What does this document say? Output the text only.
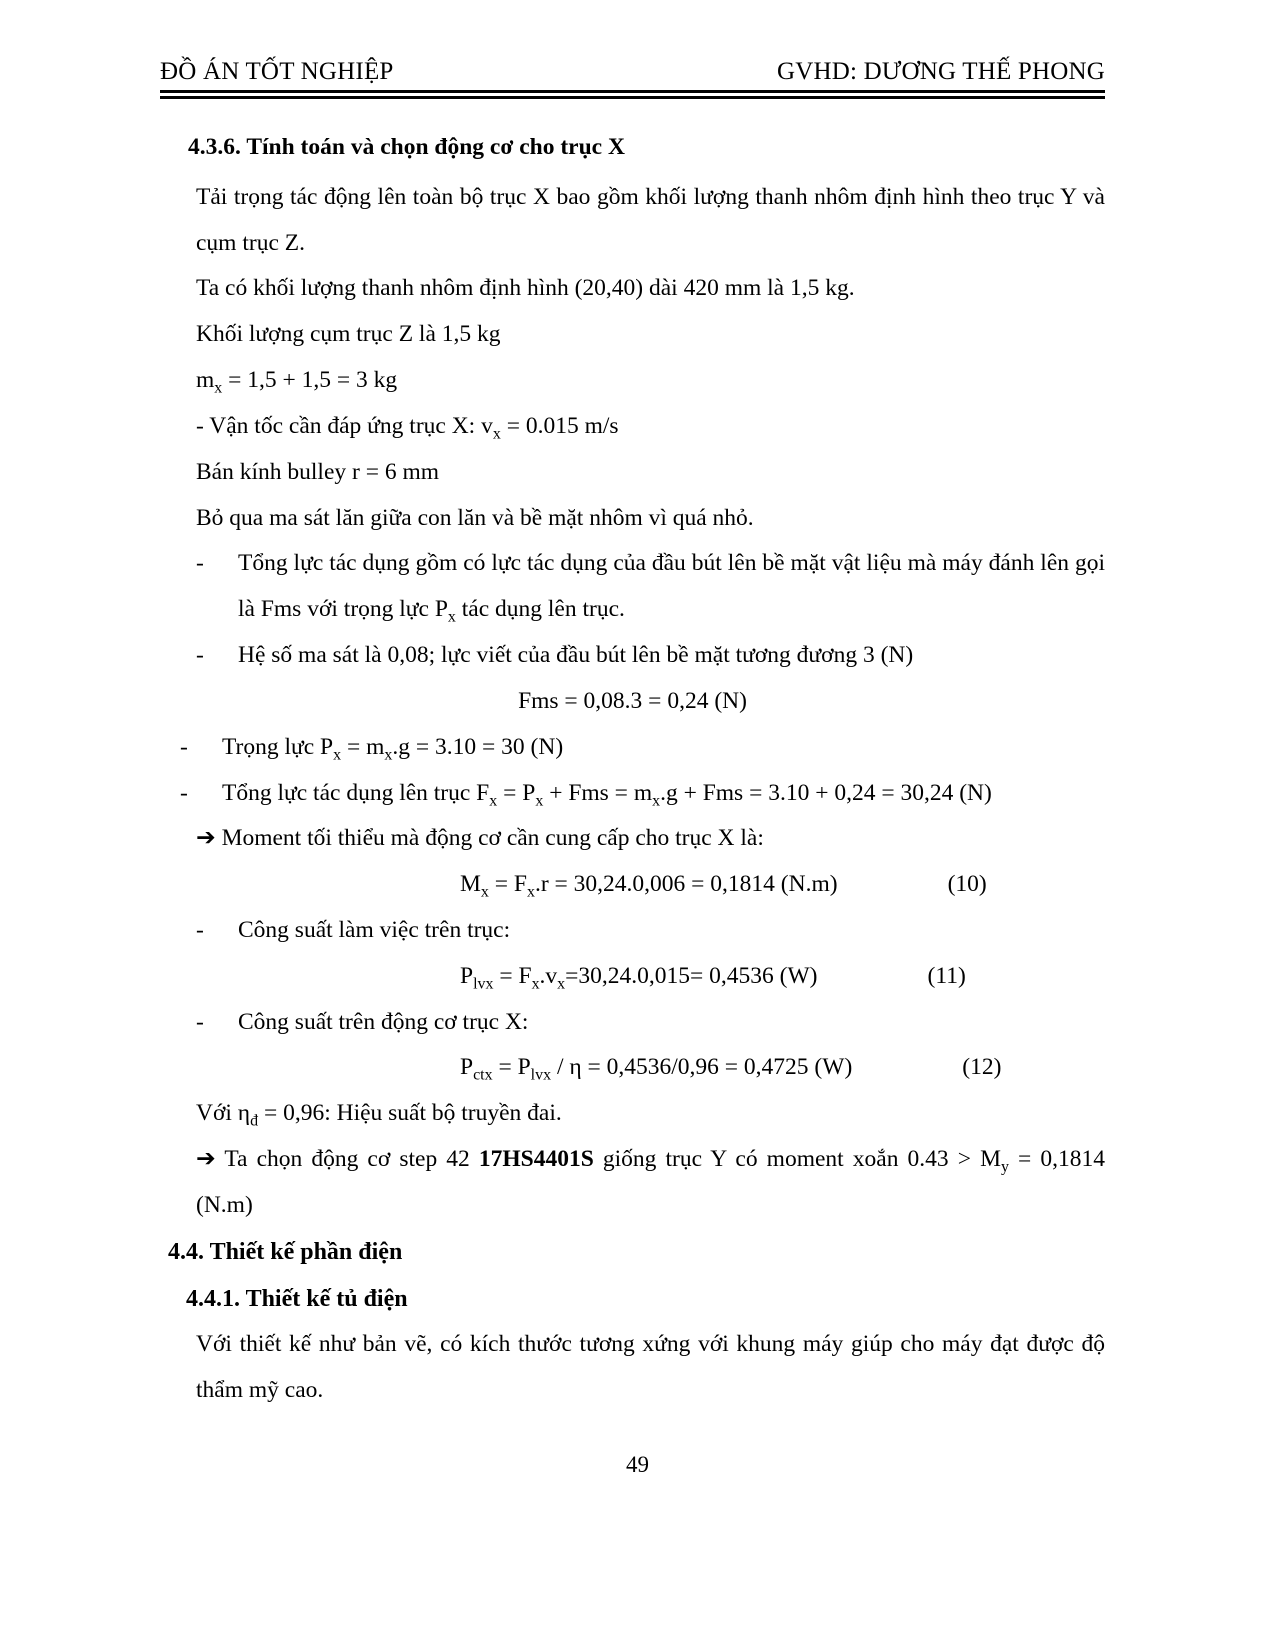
ĐỒ ÁN TỐT NGHIỆP	GVHD: DƯƠNG THẾ PHONG

4.3.6. Tính toán và chọn động cơ cho trục X

Tải trọng tác động lên toàn bộ trục X bao gồm khối lượng thanh nhôm định hình theo trục Y và cụm trục Z.

Ta có khối lượng thanh nhôm định hình (20,40) dài 420 mm là 1,5 kg.

Khối lượng cụm trục Z là 1,5 kg

$m_x = 1,5 + 1,5 = 3$ kg

- Vận tốc cần đáp ứng trục X: $v_x = 0.015$ m/s

Bán kính bulley r = 6 mm

Bỏ qua ma sát lăn giữa con lăn và bề mặt nhôm vì quá nhỏ.

-	Tổng lực tác dụng gồm có lực tác dụng của đầu bút lên bề mặt vật liệu mà máy đánh lên gọi là Fms với trọng lực $P_x$ tác dụng lên trục.
-	Hệ số ma sát là 0,08; lực viết của đầu bút lên bề mặt tương đương 3 (N)

Fms = 0,08.3 = 0,24 (N)

-	Trọng lực $P_x = m_x.g = 3.10 = 30$ (N)
-	Tổng lực tác dụng lên trục $F_x = P_x$ + Fms = $m_x.g$ + Fms = 3.10 + 0,24 = 30,24 (N)

➔ Moment tối thiểu mà động cơ cần cung cấp cho trục X là:

$M_x = F_x.r = 30,24.0,006 = 0,1814$ (N.m)	(10)
-	Công suất làm việc trên trục:
$P_{lvx} = F_x.v_x=30,24.0,015= 0,4536$ (W)	(11)
-	Công suất trên động cơ trục X:
$P_{ctx} = P_{lvx} / \eta = 0,4536/0,96 = 0,4725$ (W)	(12)

Với $\eta_đ = 0,96$: Hiệu suất bộ truyền đai.

➔ Ta chọn động cơ step 42 17HS4401S giống trục Y có moment xoắn $0.43 > M_y = 0,1814$ (N.m)

4.4. Thiết kế phần điện

4.4.1. Thiết kế tủ điện

Với thiết kế như bản vẽ, có kích thước tương xứng với khung máy giúp cho máy đạt được độ thẩm mỹ cao.

49
